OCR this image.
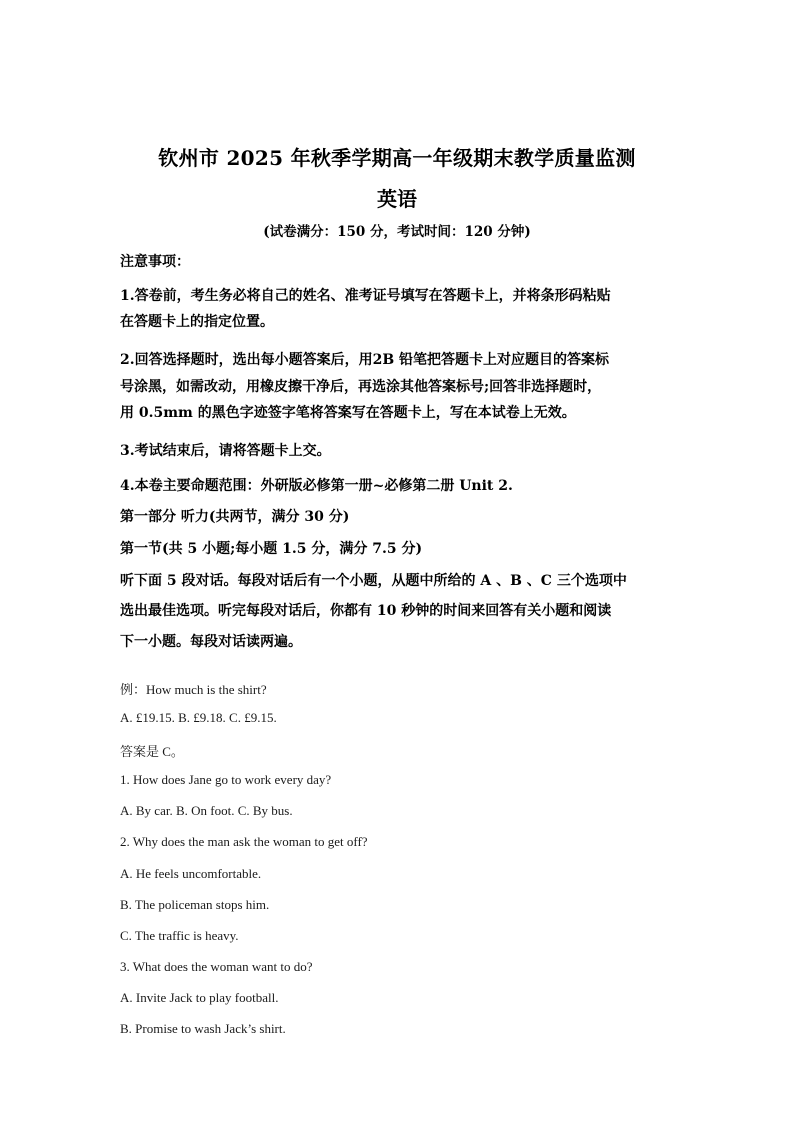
钦州市 2025 年秋季学期高一年级期末教学质量监测
英语
(试卷满分：150 分，考试时间：120 分钟)
注意事项：
1.答卷前，考生务必将自己的姓名、准考证号填写在答题卡上，并将条形码粘贴
在答题卡上的指定位置。
2.回答选择题时，选出每小题答案后，用2B 铅笔把答题卡上对应题目的答案标
号涂黑，如需改动，用橡皮擦干净后，再选涂其他答案标号;回答非选择题时，
用 0.5mm 的黑色字迹签字笔将答案写在答题卡上，写在本试卷上无效。
3.考试结束后，请将答题卡上交。
4.本卷主要命题范围：外研版必修第一册~必修第二册 Unit 2.
第一部分 听力(共两节，满分 30 分)
第一节(共 5 小题;每小题 1.5 分，满分 7.5 分)
听下面 5 段对话。每段对话后有一个小题，从题中所给的 A 、B 、C 三个选项中
选出最佳选项。听完每段对话后，你都有 10 秒钟的时间来回答有关小题和阅读
下一小题。每段对话读两遍。
例：How much is the shirt?
A. £19.15. B. £9.18. C. £9.15.
答案是 C。
1. How does Jane go to work every day?
A. By car. B. On foot. C. By bus.
2. Why does the man ask the woman to get off?
A. He feels uncomfortable.
B. The policeman stops him.
C. The traffic is heavy.
3. What does the woman want to do?
A. Invite Jack to play football.
B. Promise to wash Jack’s shirt.
